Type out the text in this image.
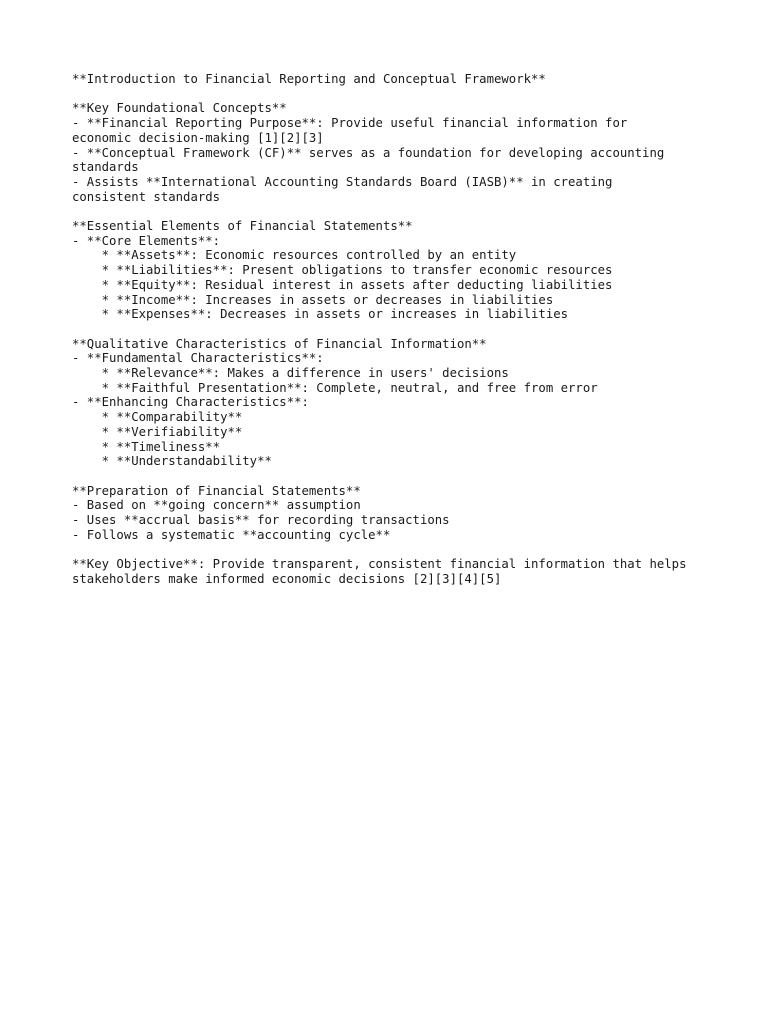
**Introduction to Financial Reporting and Conceptual Framework**
**Key Foundational Concepts**
- **Financial Reporting Purpose**: Provide useful financial information for
economic decision-making [1][2][3]
- **Conceptual Framework (CF)** serves as a foundation for developing accounting
standards
- Assists **International Accounting Standards Board (IASB)** in creating
consistent standards
**Essential Elements of Financial Statements**
- **Core Elements**:
* **Assets**: Economic resources controlled by an entity
* **Liabilities**: Present obligations to transfer economic resources
* **Equity**: Residual interest in assets after deducting liabilities
* **Income**: Increases in assets or decreases in liabilities
* **Expenses**: Decreases in assets or increases in liabilities
**Qualitative Characteristics of Financial Information**
- **Fundamental Characteristics**:
* **Relevance**: Makes a difference in users' decisions
* **Faithful Presentation**: Complete, neutral, and free from error
- **Enhancing Characteristics**:
* **Comparability**
* **Verifiability**
* **Timeliness**
* **Understandability**
**Preparation of Financial Statements**
- Based on **going concern** assumption
- Uses **accrual basis** for recording transactions
- Follows a systematic **accounting cycle**
**Key Objective**: Provide transparent, consistent financial information that helps
stakeholders make informed economic decisions [2][3][4][5]
